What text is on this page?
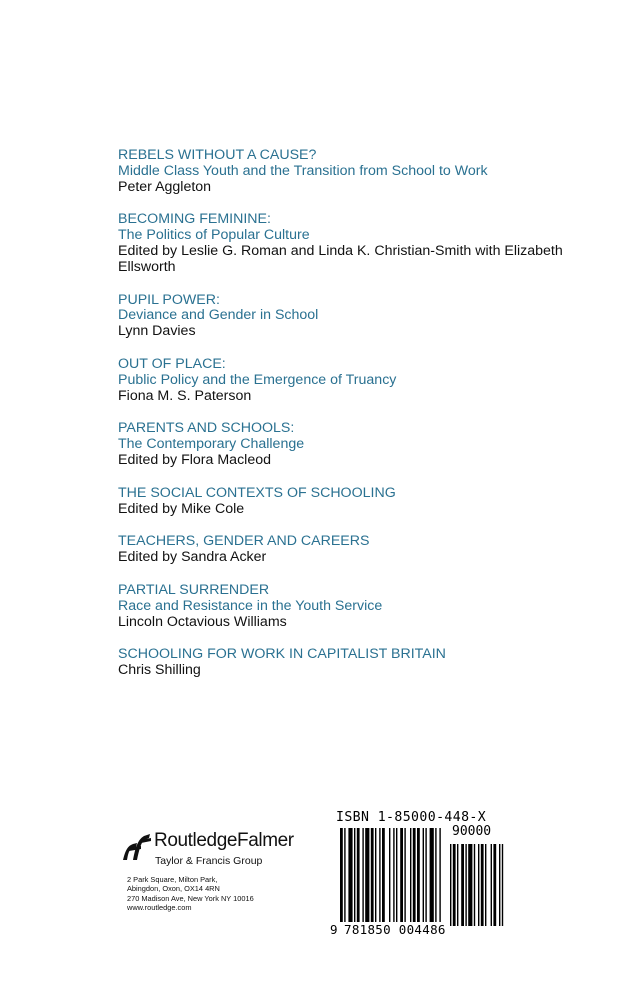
REBELS WITHOUT A CAUSE?
Middle Class Youth and the Transition from School to Work
Peter Aggleton
BECOMING FEMININE:
The Politics of Popular Culture
Edited by Leslie G. Roman and Linda K. Christian-Smith with Elizabeth Ellsworth
PUPIL POWER:
Deviance and Gender in School
Lynn Davies
OUT OF PLACE:
Public Policy and the Emergence of Truancy
Fiona M. S. Paterson
PARENTS AND SCHOOLS:
The Contemporary Challenge
Edited by Flora Macleod
THE SOCIAL CONTEXTS OF SCHOOLING
Edited by Mike Cole
TEACHERS, GENDER AND CAREERS
Edited by Sandra Acker
PARTIAL SURRENDER
Race and Resistance in the Youth Service
Lincoln Octavious Williams
SCHOOLING FOR WORK IN CAPITALIST BRITAIN
Chris Shilling
RoutledgeFalmer
Taylor & Francis Group
2 Park Square, Milton Park,
Abingdon, Oxon, OX14 4RN
270 Madison Ave, New York NY 10016
www.routledge.com
ISBN 1-85000-448-X
90000
9 781850 004486
